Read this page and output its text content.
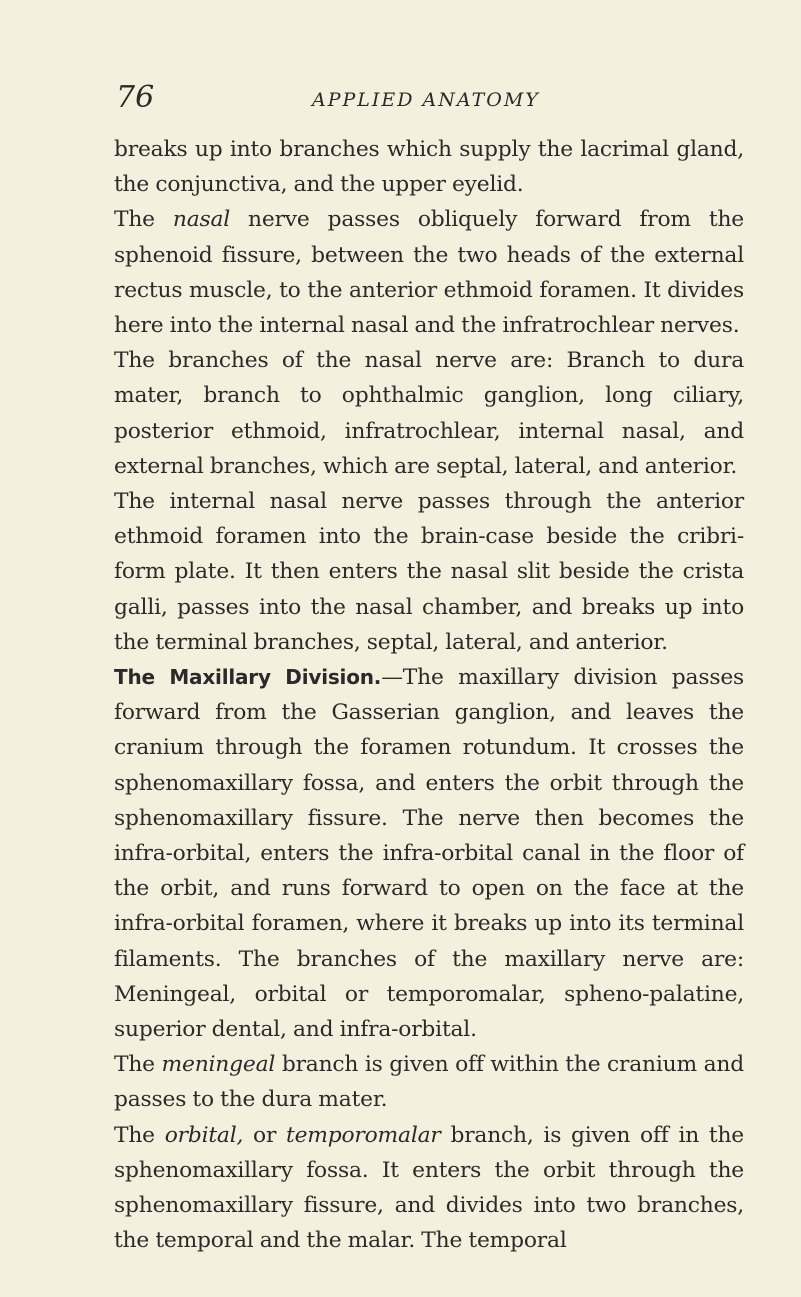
76	APPLIED ANATOMY

breaks up into branches which supply the lacrimal gland, the conjunctiva, and the upper eyelid.

The nasal nerve passes obliquely forward from the sphenoid fissure, between the two heads of the external rectus muscle, to the anterior ethmoid foramen. It divides here into the internal nasal and the infratrochlear nerves.

The branches of the nasal nerve are: Branch to dura mater, branch to ophthalmic ganglion, long ciliary, posterior ethmoid, infratrochlear, internal nasal, and external branches, which are septal, lateral, and anterior.

The internal nasal nerve passes through the anterior ethmoid foramen into the brain-case beside the cribri-form plate. It then enters the nasal slit beside the crista galli, passes into the nasal chamber, and breaks up into the terminal branches, septal, lateral, and anterior.

The Maxillary Division.—The maxillary division passes forward from the Gasserian ganglion, and leaves the cranium through the foramen rotundum. It crosses the sphenomaxillary fossa, and enters the orbit through the sphenomaxillary fissure. The nerve then becomes the infra-orbital, enters the infra-orbital canal in the floor of the orbit, and runs forward to open on the face at the infra-orbital foramen, where it breaks up into its terminal filaments. The branches of the maxillary nerve are: Meningeal, orbital or temporomalar, spheno-palatine, superior dental, and infra-orbital.

The meningeal branch is given off within the cranium and passes to the dura mater.

The orbital, or temporomalar branch, is given off in the sphenomaxillary fossa. It enters the orbit through the sphenomaxillary fissure, and divides into two branches, the temporal and the malar. The temporal
